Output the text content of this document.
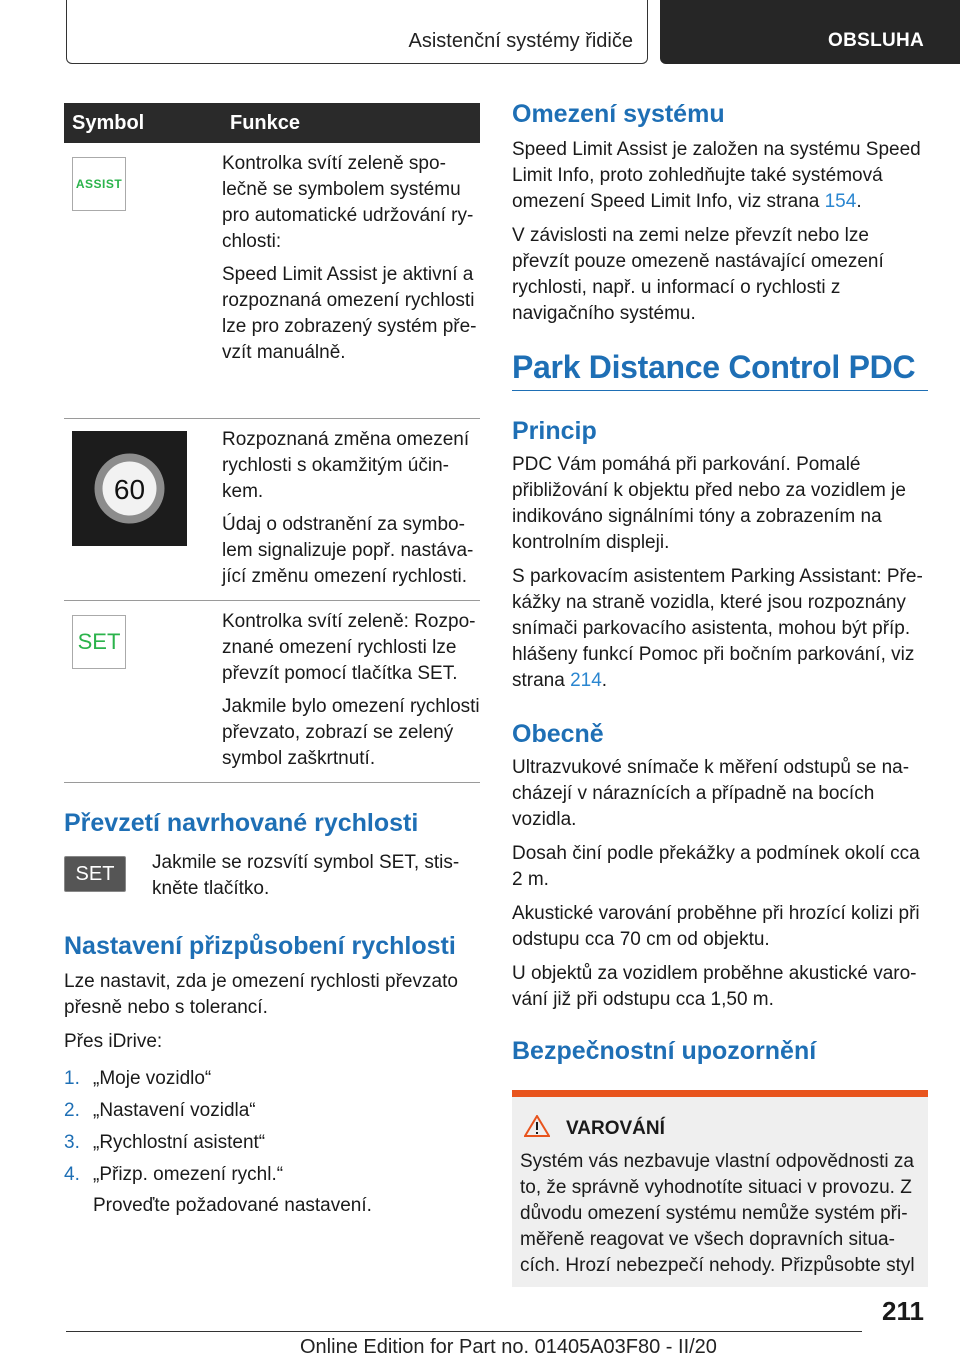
Asistenční systémy řidiče	OBSLUHA
Symbol	Funkce

ASSIST	Kontrolka svítí zeleně společně se symbolem systému pro automatické udržování rychlosti:

Speed Limit Assist je aktivní a rozpoznaná omezení rychlosti lze pro zobrazený systém převzít manuálně.

60	Rozpoznaná změna omezení rychlosti s okamžitým účinkem.

Údaj o odstranění za symbolem signalizuje popř. nastávající změnu omezení rychlosti.

SET	Kontrolka svítí zeleně: Rozpoznané omezení rychlosti lze převzít pomocí tlačítka SET.

Jakmile bylo omezení rychlosti převzato, zobrazí se zelený symbol zaškrtnutí.

Převzetí navrhované rychlosti
SET Jakmile se rozsvítí symbol SET, stiskněte tlačítko.

Nastavení přizpůsobení rychlosti

Lze nastavit, zda je omezení rychlosti převzato přesně nebo s tolerancí.

Přes iDrive:

1. „Moje vozidlo“
2. „Nastavení vozidla“
3. „Rychlostní asistent“
4. „Přizp. omezení rychl.“

Proveďte požadované nastavení.

Omezení systému

Speed Limit Assist je založen na systému Speed Limit Info, proto zohledňujte také systémová omezení Speed Limit Info, viz strana 154.

V závislosti na zemi nelze převzít nebo lze převzít pouze omezeně nastávající omezení rychlosti, např. u informací o rychlosti z navigačního systému.

Park Distance Control PDC
Princip

PDC Vám pomáhá při parkování. Pomalé přibližování k objektu před nebo za vozidlem je indikováno signálními tóny a zobrazením na kontrolním displeji.

S parkovacím asistentem Parking Assistant: Překážky na straně vozidla, které jsou rozpoznány snímači parkovacího asistenta, mohou být příp. hlášeny funkcí Pomoc při bočním parkování, viz strana 214.

Obecně

Ultrazvukové snímače k měření odstupů se nacházejí v náraznících a případně na bocích vozidla.

Dosah činí podle překážky a podmínek okolí cca 2 m.

Akustické varování proběhne při hrozící kolizi při odstupu cca 70 cm od objektu.

U objektů za vozidlem proběhne akustické varování již při odstupu cca 1,50 m.

Bezpečnostní upozornění
VAROVÁNÍ
Systém vás nezbavuje vlastní odpovědnosti za to, že správně vyhodnotíte situaci v provozu. Z důvodu omezení systému nemůže systém přiměřeně reagovat ve všech dopravních situacích. Hrozí nebezpečí nehody. Přizpůsobte styl
211
Online Edition for Part no. 01405A03F80 - II/20
